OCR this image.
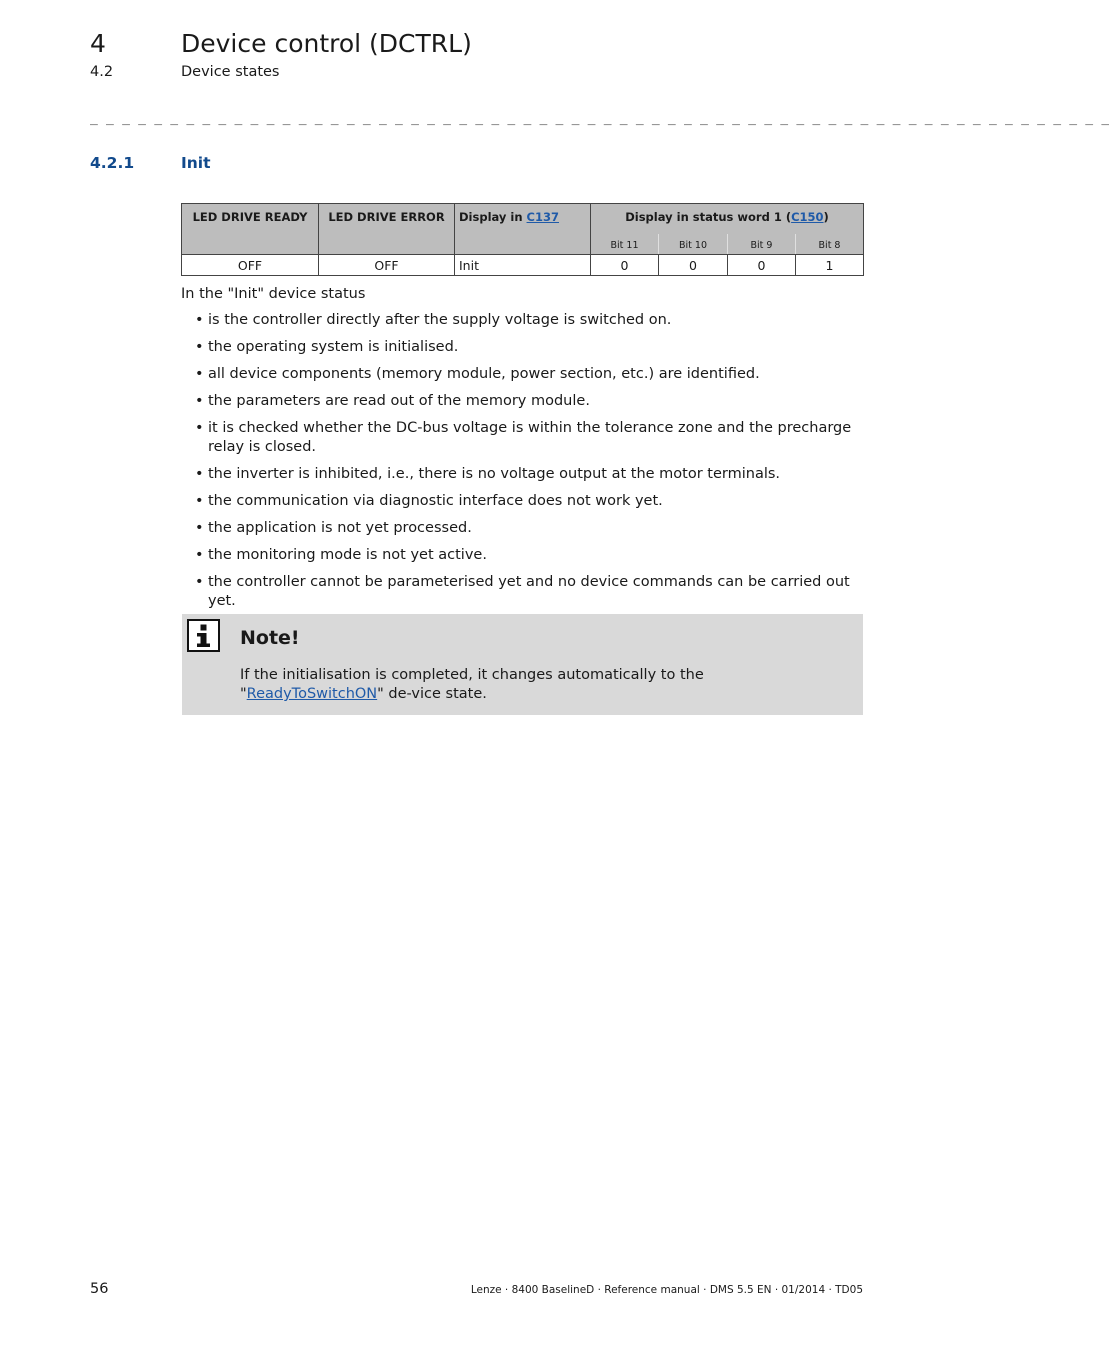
4	Device control (DCTRL)
4.2	Device states
_ _ _ _ _ _ _ _ _ _ _ _ _ _ _ _ _ _ _ _ _ _ _ _ _ _ _ _ _ _ _ _ _ _ _ _ _ _ _ _ _ _ _ _ _ _ _ _ _ _ _ _ _ _ _ _ _ _ _ _ _ _ _ _
4.2.1	Init
LED DRIVE READY	LED DRIVE ERROR	Display in C137	Display in status word 1 (C150)			
			Bit 11	Bit 10	Bit 9	Bit 8
OFF	OFF	Init	0	0	0	1
In the "Init" device status
• is the controller directly after the supply voltage is switched on.
• the operating system is initialised.
• all device components (memory module, power section, etc.) are identified.
• the parameters are read out of the memory module.
• it is checked whether the DC-bus voltage is within the tolerance zone and the precharge relay is closed.
• the inverter is inhibited, i.e., there is no voltage output at the motor terminals.
• the communication via diagnostic interface does not work yet.
• the application is not yet processed.
• the monitoring mode is not yet active.
• the controller cannot be parameterised yet and no device commands can be carried out yet.
Note!
If the initialisation is completed, it changes automatically to the "ReadyToSwitchON" de-vice state.
56	Lenze · 8400 BaselineD · Reference manual · DMS 5.5 EN · 01/2014 · TD05
